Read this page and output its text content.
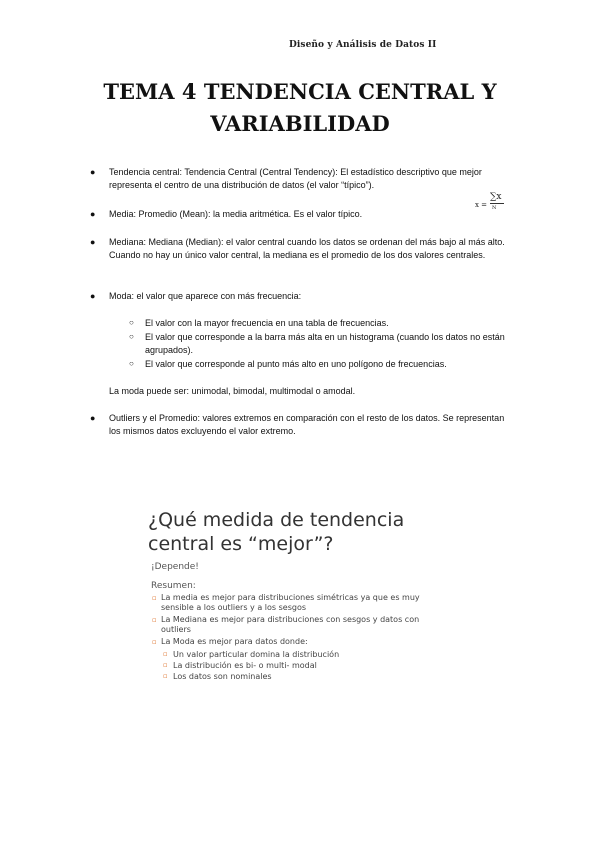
Diseño y Análisis de Datos II
TEMA 4 TENDENCIA CENTRAL Y
VARIABILIDAD
● Tendencia central: Tendencia Central (Central Tendency): El estadístico descriptivo que mejor representa el centro de una distribución de datos (el valor “típico”).
● Media: Promedio (Mean): la media aritmética. Es el valor típico.
x =
∑x
N
● Mediana: Mediana (Median): el valor central cuando los datos se ordenan del más bajo al más alto. Cuando no hay un único valor central, la mediana es el promedio de los dos valores centrales.
● Moda: el valor que aparece con más frecuencia:
○ El valor con la mayor frecuencia en una tabla de frecuencias.
○ El valor que corresponde a la barra más alta en un histograma (cuando los datos no están agrupados).
○ El valor que corresponde al punto más alto en uno polígono de frecuencias.
La moda puede ser: unimodal, bimodal, multimodal o amodal.
● Outliers y el Promedio: valores extremos en comparación con el resto de los datos. Se representan los mismos datos excluyendo el valor extremo.
¿Qué medida de tendencia central es “mejor”?
¡Depende!
Resumen:
▫ La media es mejor para distribuciones simétricas ya que es muy sensible a los outliers y a los sesgos
▫ La Mediana es mejor para distribuciones con sesgos y datos con outliers
▫ La Moda es mejor para datos donde:
▫ Un valor particular domina la distribución
▫ La distribución es bi- o multi- modal
▫ Los datos son nominales
